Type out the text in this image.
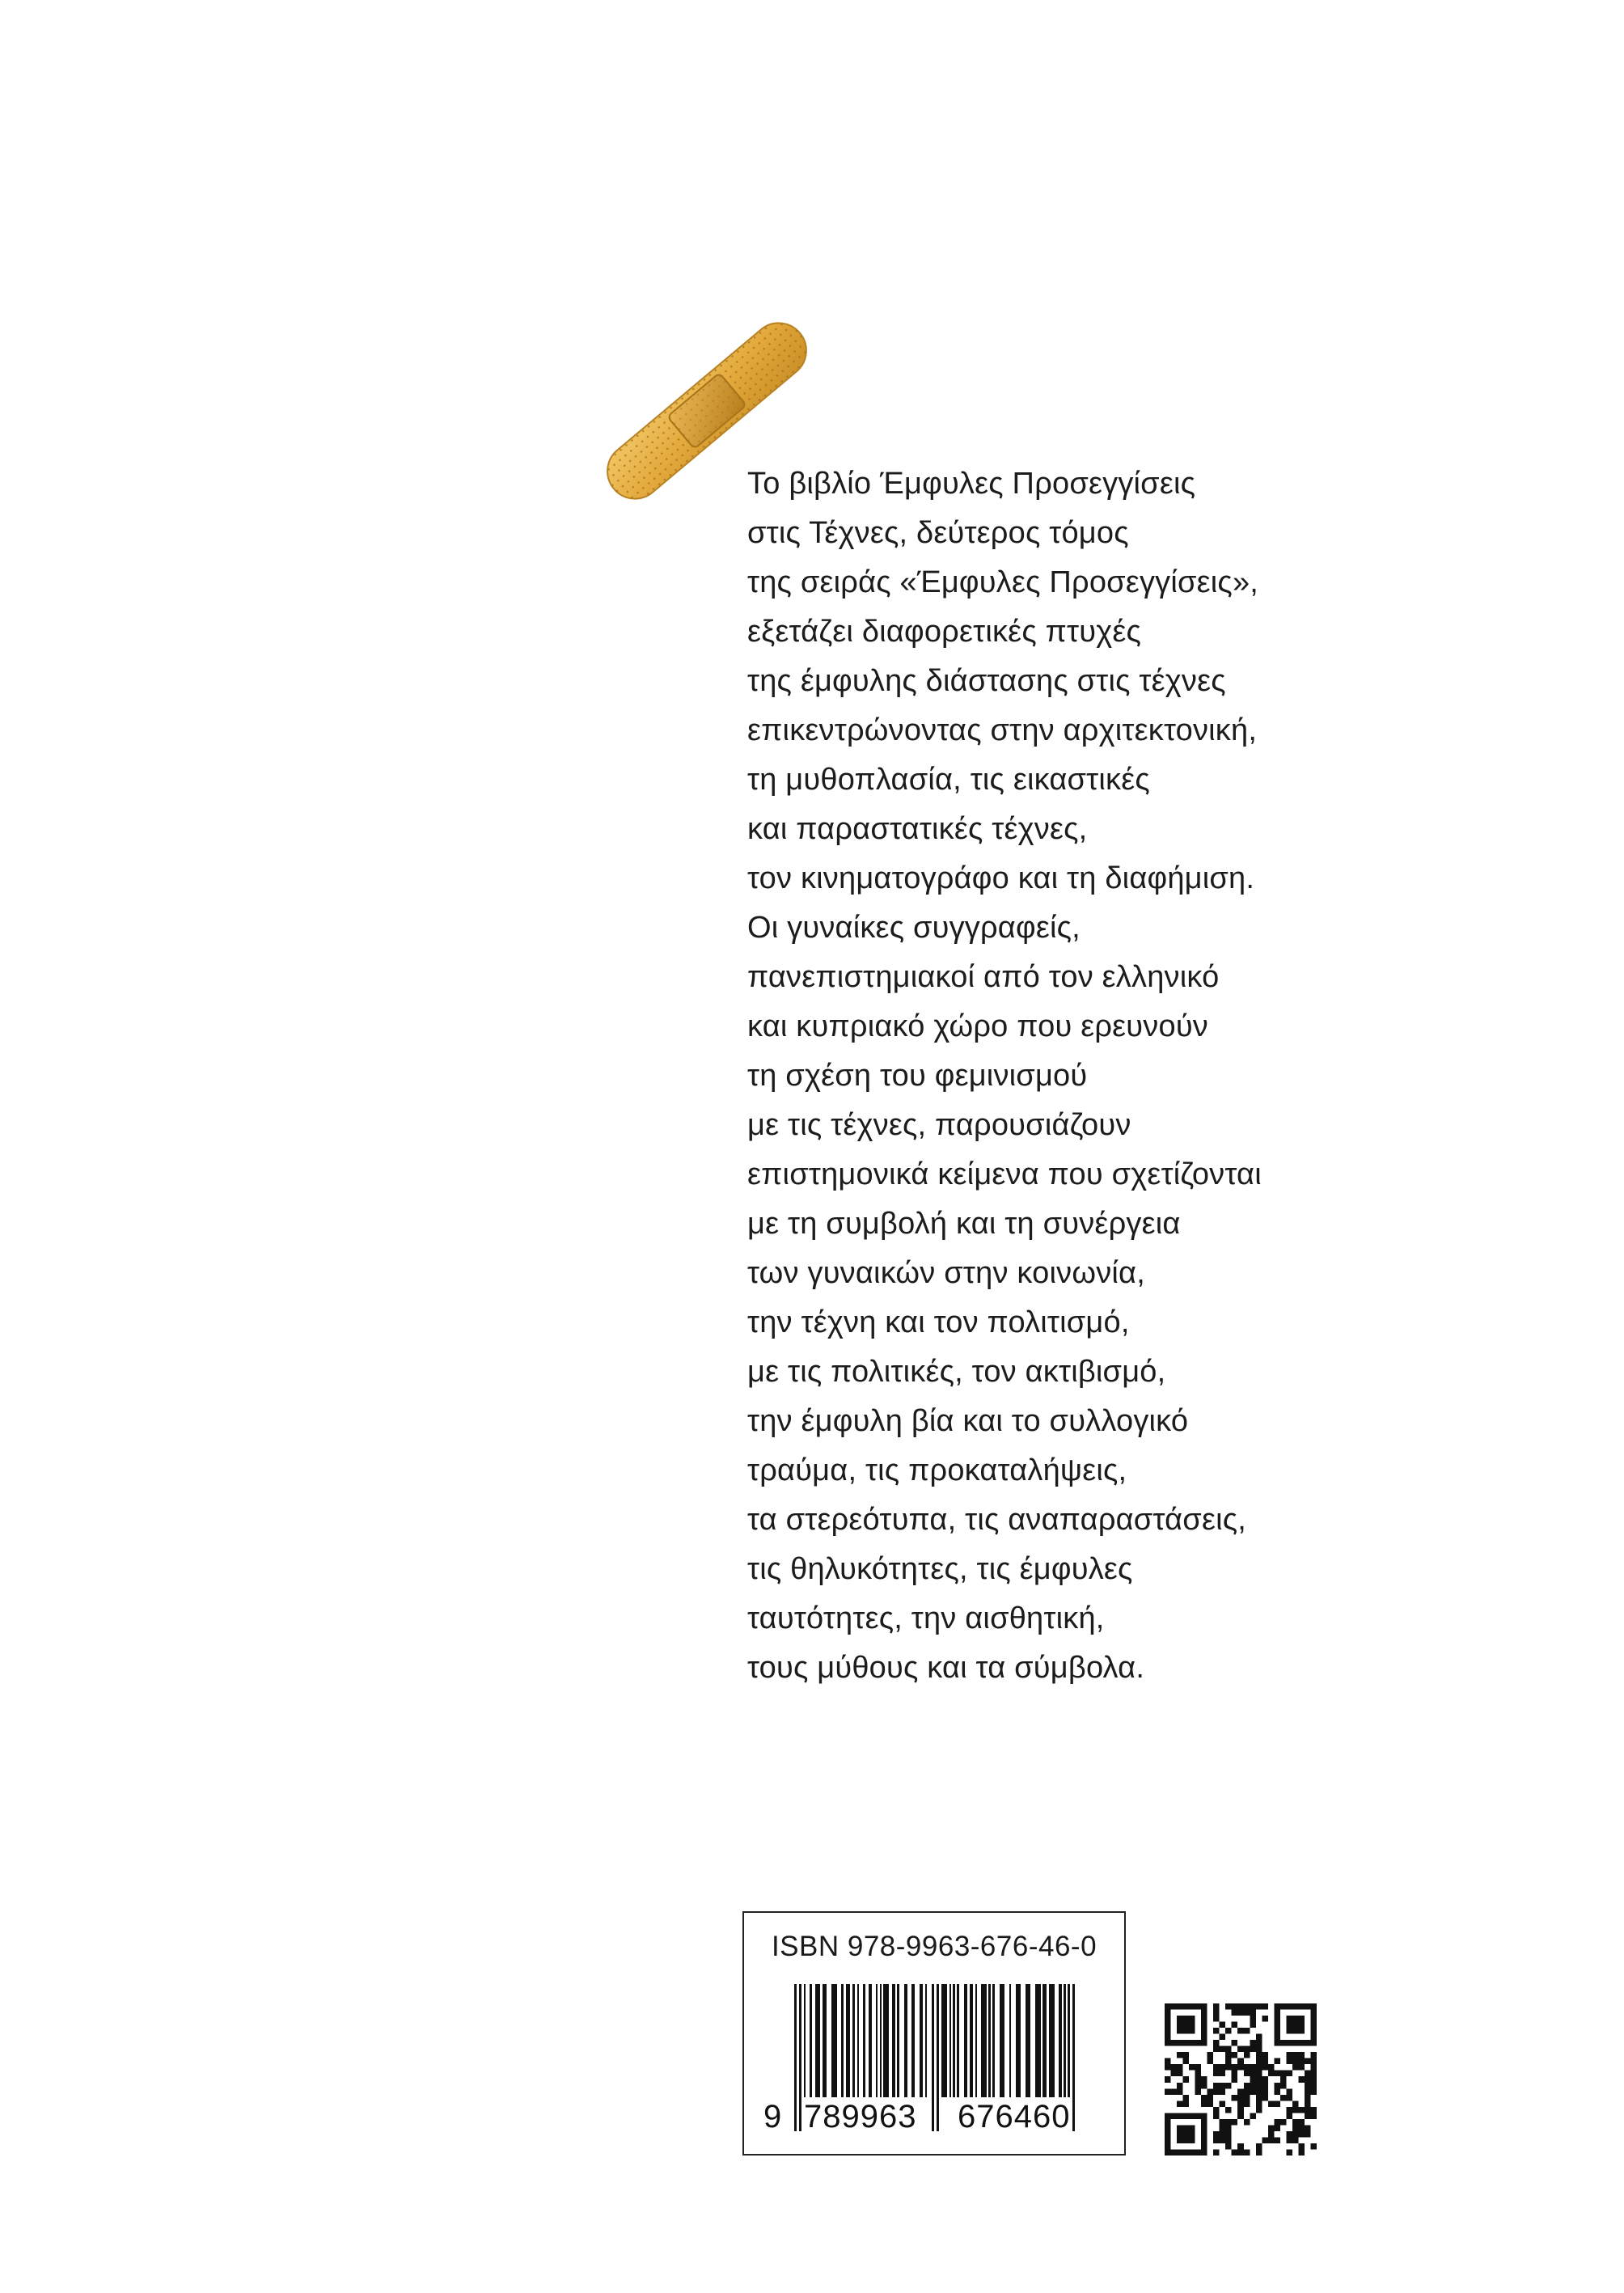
Το βιβλίο Έμφυλες Προσεγγίσεις
στις Τέχνες, δεύτερος τόμος
της σειράς «Έμφυλες Προσεγγίσεις»,
εξετάζει διαφορετικές πτυχές
της έμφυλης διάστασης στις τέχνες
επικεντρώνοντας στην αρχιτεκτονική,
τη μυθοπλασία, τις εικαστικές
και παραστατικές τέχνες,
τον κινηματογράφο και τη διαφήμιση.
Οι γυναίκες συγγραφείς,
πανεπιστημιακοί από τον ελληνικό
και κυπριακό χώρο που ερευνούν
τη σχέση του φεμινισμού
με τις τέχνες, παρουσιάζουν
επιστημονικά κείμενα που σχετίζονται
με τη συμβολή και τη συνέργεια
των γυναικών στην κοινωνία,
την τέχνη και τον πολιτισμό,
με τις πολιτικές, τον ακτιβισμό,
την έμφυλη βία και το συλλογικό
τραύμα, τις προκαταλήψεις,
τα στερεότυπα, τις αναπαραστάσεις,
τις θηλυκότητες, τις έμφυλες
ταυτότητες, την αισθητική,
τους μύθους και τα σύμβολα.
ISBN 978-9963-676-46-0
9 789963 676460
